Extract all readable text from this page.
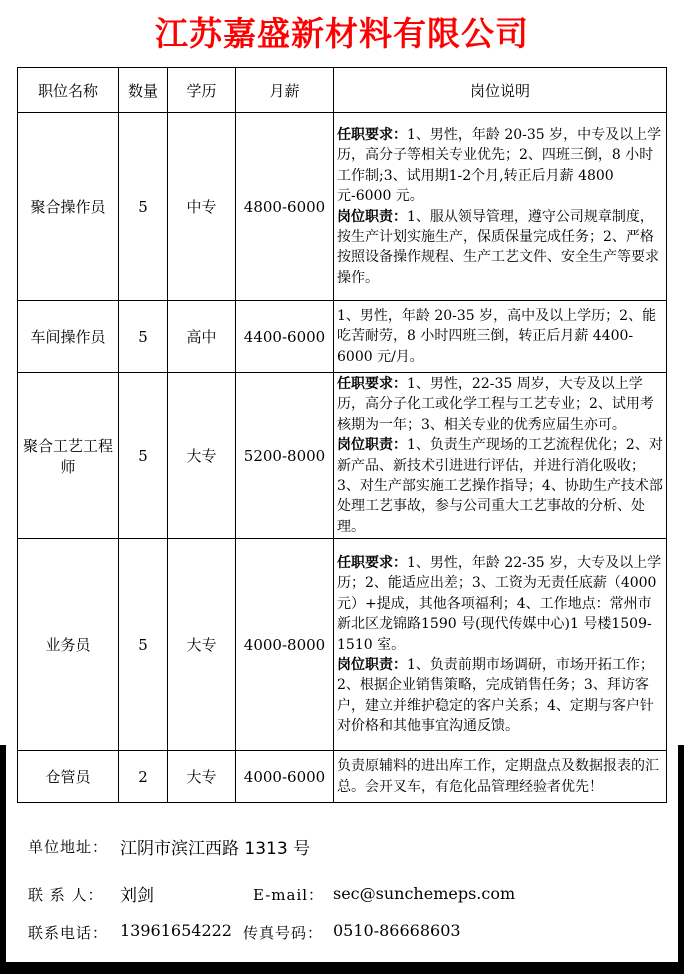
江苏嘉盛新材料有限公司
职位名称	数量	学历	月薪	岗位说明
聚合操作员	5	中专	4800-6000	任职要求：1、男性，年龄 20-35 岁，中专及以上学历，高分子等相关专业优先；2、四班三倒，8 小时工作制;3、试用期1-2个月,转正后月薪 4800 元-6000 元。
岗位职责：1、服从领导管理，遵守公司规章制度，按生产计划实施生产，保质保量完成任务；2、严格按照设备操作规程、生产工艺文件、安全生产等要求操作。

车间操作员	5	高中	4400-6000	1、男性，年龄 20-35 岁，高中及以上学历；2、能吃苦耐劳，8 小时四班三倒，转正后月薪 4400-6000 元/月。

聚合工艺工程师	5	大专	5200-8000	任职要求：1、男性，22-35 周岁，大专及以上学历，高分子化工或化学工程与工艺专业；2、试用考核期为一年；3、相关专业的优秀应届生亦可。
岗位职责：1、负责生产现场的工艺流程优化；2、对新产品、新技术引进进行评估，并进行消化吸收；3、对生产部实施工艺操作指导；4、协助生产技术部处理工艺事故，参与公司重大工艺事故的分析、处理。

业务员	5	大专	4000-8000	任职要求：1、男性，年龄 22-35 岁，大专及以上学历；2、能适应出差；3、工资为无责任底薪（4000 元）+提成，其他各项福利；4、工作地点：常州市新北区龙锦路1590 号(现代传媒中心)1 号楼1509-1510 室。
岗位职责：1、负责前期市场调研，市场开拓工作；2、根据企业销售策略，完成销售任务；3、拜访客户，建立并维护稳定的客户关系；4、定期与客户针对价格和其他事宜沟通反馈。

仓管员	2	大专	4000-6000	负责原辅料的进出库工作，定期盘点及数据报表的汇总。会开叉车，有危化品管理经验者优先！
单位地址： 江阴市滨江西路 1313 号
联 系 人： 刘剑	E-mail： sec@sunchemeps.com
联系电话： 13961654222 传真号码： 0510-86668603
